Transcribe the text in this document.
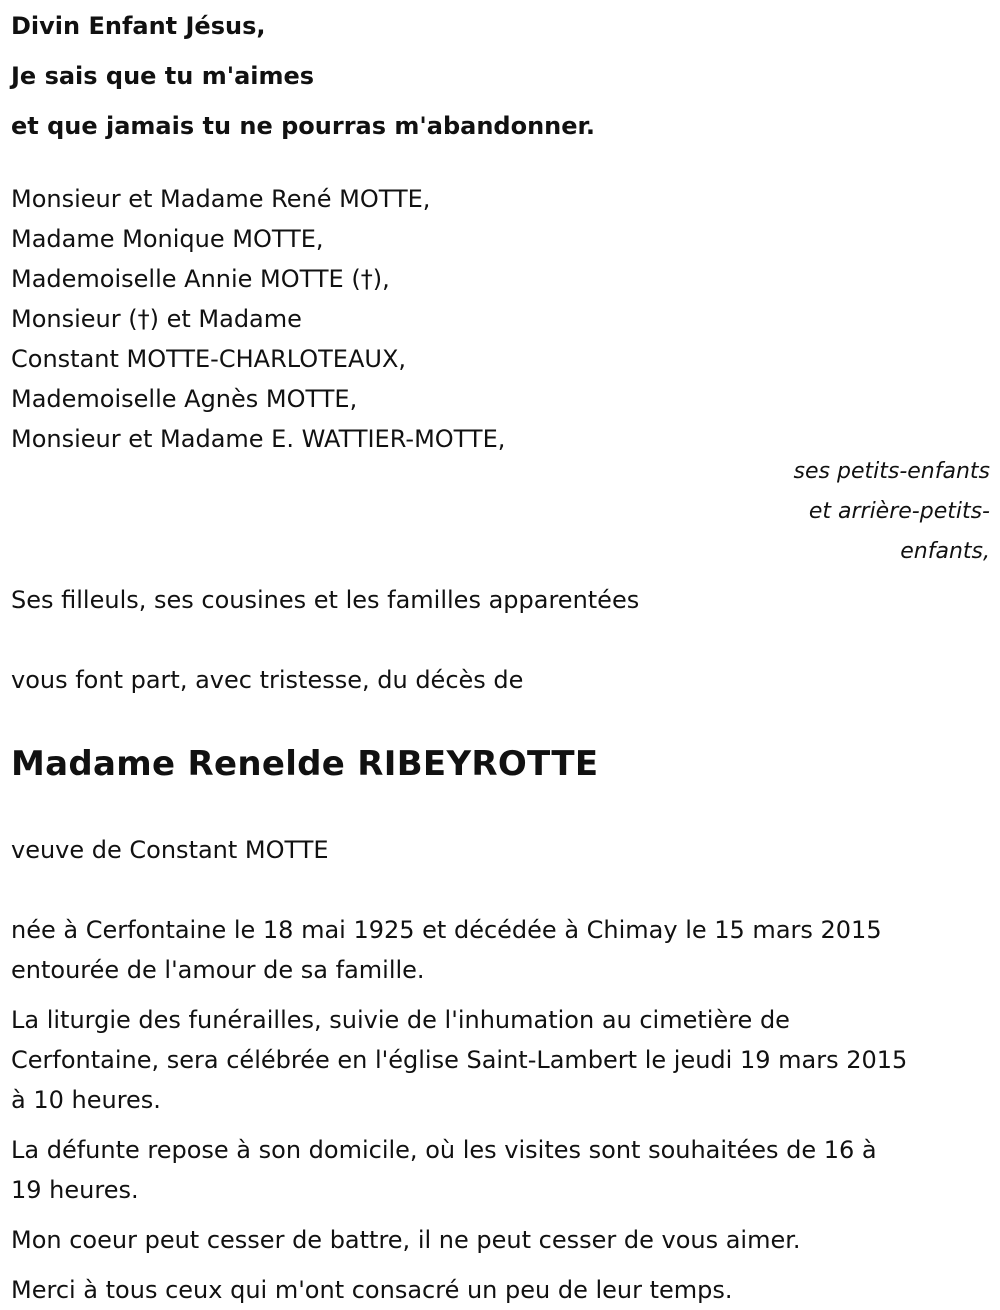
Divin Enfant Jésus,
Je sais que tu m'aimes
et que jamais tu ne pourras m'abandonner.
Monsieur et Madame René MOTTE,
Madame Monique MOTTE,
Mademoiselle Annie MOTTE (†),
Monsieur (†) et Madame
Constant MOTTE-CHARLOTEAUX,
Mademoiselle Agnès MOTTE,
Monsieur et Madame E. WATTIER-MOTTE,
ses petits-enfants
et arrière-petits-
enfants,
Ses filleuls, ses cousines et les familles apparentées
vous font part, avec tristesse, du décès de
Madame Renelde RIBEYROTTE
veuve de Constant MOTTE
née à Cerfontaine le 18 mai 1925 et décédée à Chimay le 15 mars 2015
entourée de l'amour de sa famille.
La liturgie des funérailles, suivie de l'inhumation au cimetière de
Cerfontaine, sera célébrée en l'église Saint-Lambert le jeudi 19 mars 2015
à 10 heures.
La défunte repose à son domicile, où les visites sont souhaitées de 16 à
19 heures.
Mon coeur peut cesser de battre, il ne peut cesser de vous aimer.
Merci à tous ceux qui m'ont consacré un peu de leur temps.
